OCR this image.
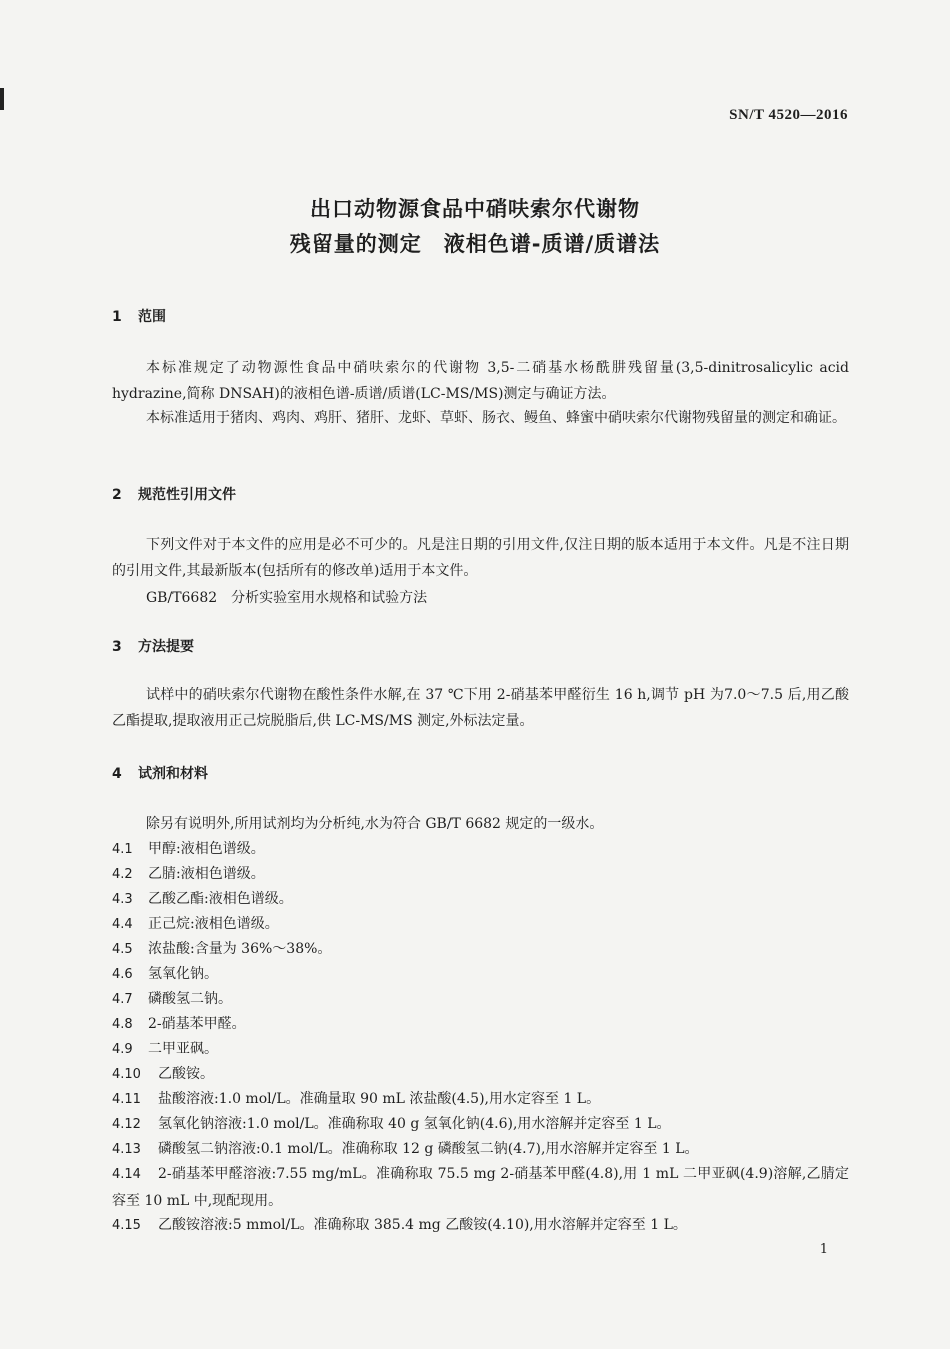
SN/T 4520—2016
出口动物源食品中硝呋索尔代谢物
残留量的测定　液相色谱-质谱/质谱法
1 范围
本标准规定了动物源性食品中硝呋索尔的代谢物 3,5-二硝基水杨酰肼残留量(3,5-dinitrosalicylic acid hydrazine,简称 DNSAH)的液相色谱-质谱/质谱(LC-MS/MS)测定与确证方法。
本标准适用于猪肉、鸡肉、鸡肝、猪肝、龙虾、草虾、肠衣、鳗鱼、蜂蜜中硝呋索尔代谢物残留量的测定和确证。
2 规范性引用文件
下列文件对于本文件的应用是必不可少的。凡是注日期的引用文件,仅注日期的版本适用于本文件。凡是不注日期的引用文件,其最新版本(包括所有的修改单)适用于本文件。
GB/T6682　分析实验室用水规格和试验方法
3 方法提要
试样中的硝呋索尔代谢物在酸性条件水解,在 37 ℃下用 2-硝基苯甲醛衍生 16 h,调节 pH 为7.0～7.5 后,用乙酸乙酯提取,提取液用正己烷脱脂后,供 LC-MS/MS 测定,外标法定量。
4 试剂和材料
除另有说明外,所用试剂均为分析纯,水为符合 GB/T 6682 规定的一级水。
4.1 甲醇:液相色谱级。
4.2 乙腈:液相色谱级。
4.3 乙酸乙酯:液相色谱级。
4.4 正己烷:液相色谱级。
4.5 浓盐酸:含量为 36%～38%。
4.6 氢氧化钠。
4.7 磷酸氢二钠。
4.8 2-硝基苯甲醛。
4.9 二甲亚砜。
4.10 乙酸铵。
4.11 盐酸溶液:1.0 mol/L。准确量取 90 mL 浓盐酸(4.5),用水定容至 1 L。
4.12 氢氧化钠溶液:1.0 mol/L。准确称取 40 g 氢氧化钠(4.6),用水溶解并定容至 1 L。
4.13 磷酸氢二钠溶液:0.1 mol/L。准确称取 12 g 磷酸氢二钠(4.7),用水溶解并定容至 1 L。
4.14 2-硝基苯甲醛溶液:7.55 mg/mL。准确称取 75.5 mg 2-硝基苯甲醛(4.8),用 1 mL 二甲亚砜(4.9)溶解,乙腈定容至 10 mL 中,现配现用。
4.15 乙酸铵溶液:5 mmol/L。准确称取 385.4 mg 乙酸铵(4.10),用水溶解并定容至 1 L。
1
